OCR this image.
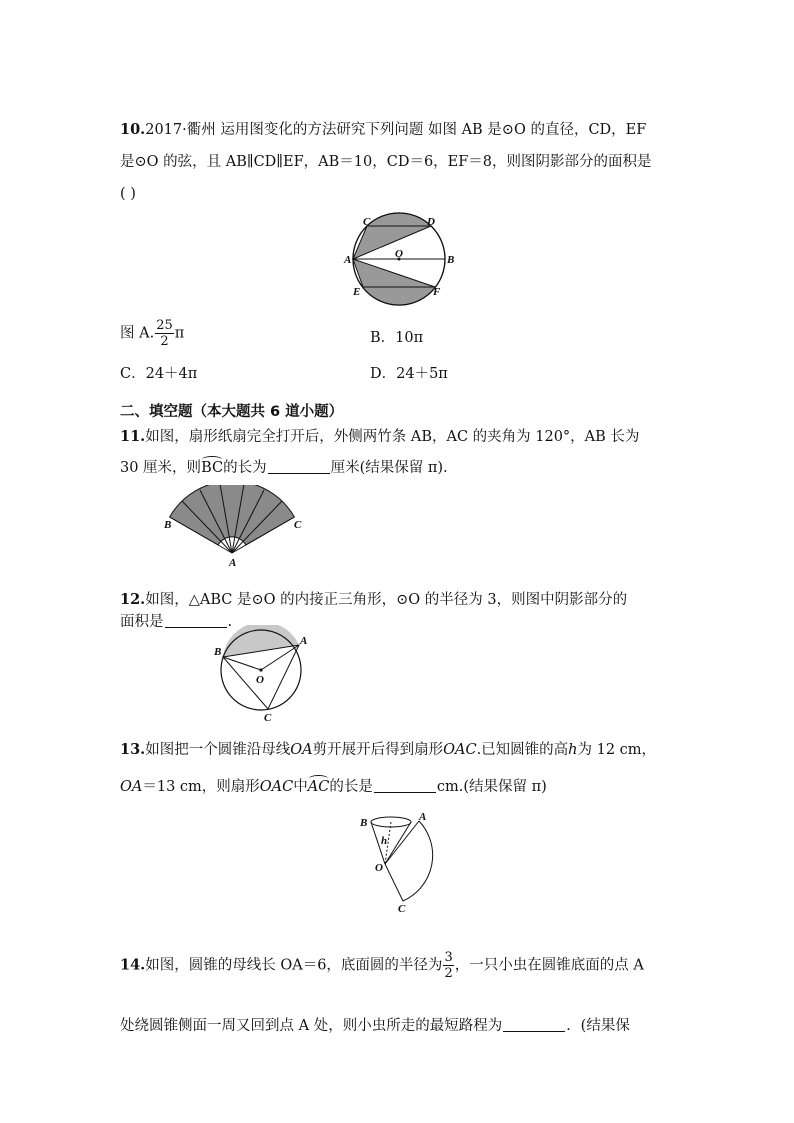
10.2017·衢州 运用图变化的方法研究下列问题 如图 AB 是⊙O 的直径，CD，EF
是⊙O 的弦，且 AB∥CD∥EF，AB＝10，CD＝6，EF＝8，则图阴影部分的面积是
( )
C	D
A	O	B
E	F
图 A. $\frac{25}{2}$ π	B．10π
C．24＋4π	D．24＋5π
二、填空题（本大题共 6 道小题）
11.如图，扇形纸扇完全打开后，外侧两竹条 AB，AC 的夹角为 120°，AB 长为
30 厘米，则BC的长为	厘米(结果保留 π).
B	C
A
12.如图，△ABC 是⊙O 的内接正三角形，⊙O 的半径为 3，则图中阴影部分的
面积是	.
B
A
O
C
13.如图把一个圆锥沿母线OA剪开展开后得到扇形OAC.已知圆锥的高h为 12 cm，
OA＝13 cm，则扇形OAC中AC的长是	cm.(结果保留 π)
B	A
h
O
C
14.如图，圆锥的母线长 OA＝6，底面圆的半径为 $\frac{3}{2}$ ，一只小虫在圆锥底面的点 A
处绕圆锥侧面一周又回到点 A 处，则小虫所走的最短路程为	．(结果保
